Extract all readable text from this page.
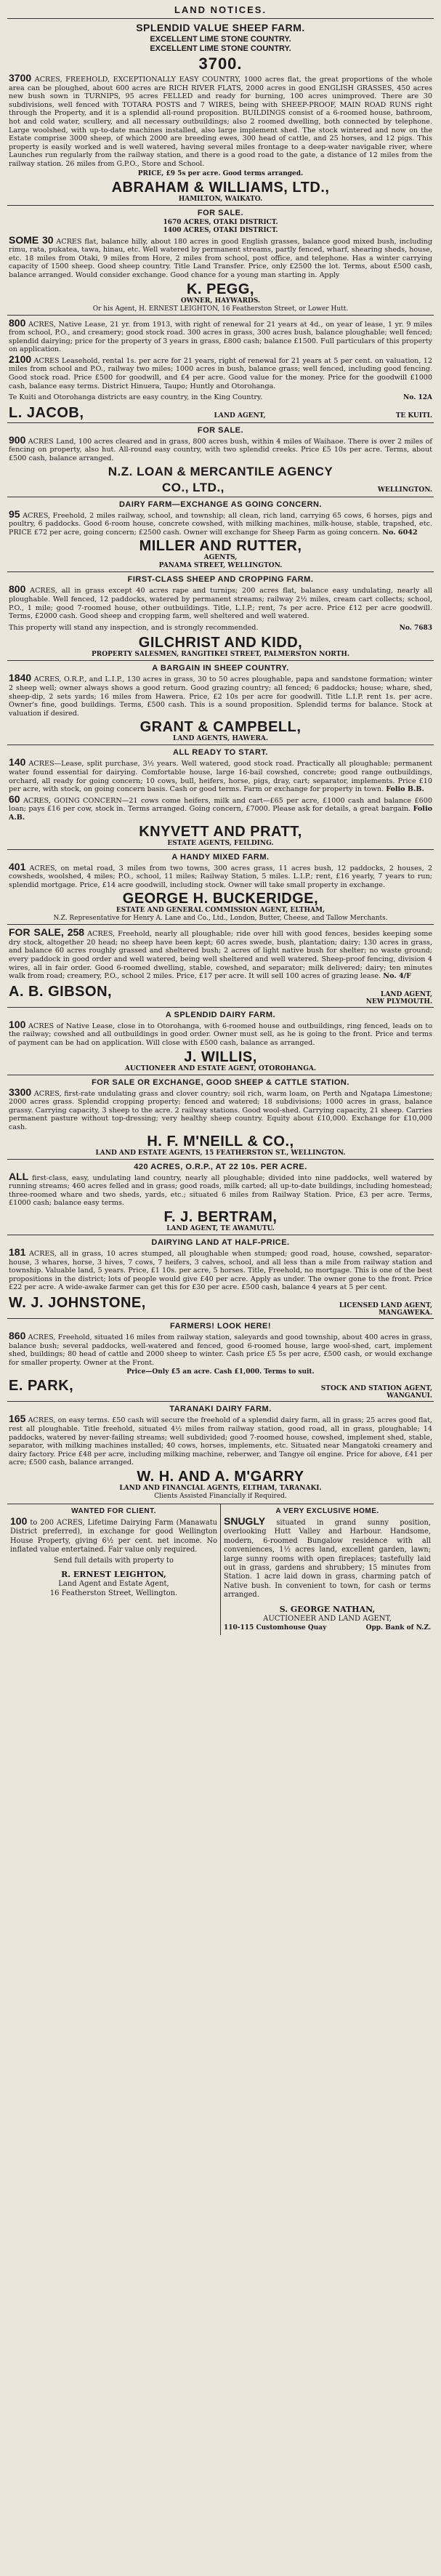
LAND NOTICES.
SPLENDID VALUE SHEEP FARM.
EXCELLENT LIME STONE COUNTRY.
EXCELLENT LIME STONE COUNTRY.
3700.
3700 ACRES, FREEHOLD, EXCEPTIONALLY EASY COUNTRY, 1000 acres flat, the great proportions of the whole area can be ploughed, about 600 acres are RICH RIVER FLATS, 2000 acres in good ENGLISH GRASSES, 450 acres new bush sown in TURNIPS, 95 acres FELLED and ready for burning, 100 acres unimproved. There are 30 subdivisions, well fenced with TOTARA POSTS and 7 WIRES, being with SHEEP-PROOF, MAIN ROAD RUNS right through the Property, and it is a splendid all-round proposition. BUILDINGS consist of a 6-roomed house, bathroom, hot and cold water, scullery, and all necessary outbuildings; also 2 roomed dwelling, both connected by telephone. Large woolshed, with up-to-date machines installed, also large implement shed. The stock wintered and now on the Estate comprise 3000 sheep, of which 2000 are breeding ewes, 300 head of cattle, and 25 horses, and 12 pigs. This property is easily worked and is well watered, having several miles frontage to a deep-water navigable river, where Launches run regularly from the railway station, and there is a good road to the gate, a distance of 12 miles from the railway station. 26 miles from G.P.O., Store and School.
PRICE, £9 5s per acre. Good terms arranged.
ABRAHAM & WILLIAMS, LTD.,
HAMILTON, WAIKATO.
FOR SALE.
1670 ACRES, OTAKI DISTRICT.
1400 ACRES, OTAKI DISTRICT.
SOME 30 ACRES flat, balance hilly, about 180 acres in good English grasses, balance good mixed bush, including rimu, rata, pukatea, tawa, hinau, etc. Well watered by permanent streams, partly fenced, wharf, shearing sheds, house, etc. 18 miles from Otaki, 9 miles from Hore, 2 miles from school, post office, and telephone. Has a winter carrying capacity of 1500 sheep. Good sheep country. Title Land Transfer. Price, only £2500 the lot. Terms, about £500 cash, balance arranged. Would consider exchange. Good chance for a young man starting in. Apply
K. PEGG,
OWNER, HAYWARDS.
Or his Agent, H. ERNEST LEIGHTON, 16 Featherston Street, or Lower Hutt.
800 ACRES, Native Lease, 21 yr. from 1913, with right of renewal for 21 years at 4d., on year of lease, 1 yr. 9 miles from school, P.O., and creamery; good stock road. 300 acres in grass, 300 acres bush, balance ploughable; well fenced; splendid dairying; price for the property of 3 years in grass, £800 cash; balance £1500. Full particulars of this property on application.
2100 ACRES Leasehold, rental 1s. per acre for 21 years, right of renewal for 21 years at 5 per cent. on valuation, 12 miles from school and P.O., railway two miles; 1000 acres in bush, balance grass; well fenced, including good fencing. Good stock road. Price £500 for goodwill, and £4 per acre. Good value for the money. Price for the goodwill £1000 cash, balance easy terms. District Hinuera, Taupo; Huntly and Otorohanga.
Te Kuiti and Otorohanga districts are easy country, in the King Country.	No. 12A
L. JACOB,	LAND AGENT,	TE KUITI.
FOR SALE.
900 ACRES Land, 100 acres cleared and in grass, 800 acres bush, within 4 miles of Waihaoe. There is over 2 miles of fencing on property, also hut. All-round easy country, with two splendid creeks. Price £5 10s per acre. Terms, about £500 cash, balance arranged.
N.Z. LOAN & MERCANTILE AGENCY
CO., LTD.,	WELLINGTON.
DAIRY FARM—EXCHANGE AS GOING CONCERN.
95 ACRES, Freehold, 2 miles railway, school, and township; all clean, rich land, carrying 65 cows, 6 horses, pigs and poultry, 6 paddocks. Good 6-room house, concrete cowshed, with milking machines, milk-house, stable, trapshed, etc. PRICE £72 per acre, going concern; £2500 cash. Owner will exchange for Sheep Farm as going concern. No. 6042
MILLER AND RUTTER,
AGENTS,
PANAMA STREET, WELLINGTON.
FIRST-CLASS SHEEP AND CROPPING FARM.
800 ACRES, all in grass except 40 acres rape and turnips; 200 acres flat, balance easy undulating, nearly all ploughable. Well fenced, 12 paddocks, watered by permanent streams; railway 2½ miles, cream cart collects; school, P.O., 1 mile; good 7-roomed house, other outbuildings. Title, L.I.P.; rent, 7s per acre. Price £12 per acre goodwill. Terms, £2000 cash. Good sheep and cropping farm, well sheltered and well watered.
This property will stand any inspection, and is strongly recommended.	No. 7683
GILCHRIST AND KIDD,
PROPERTY SALESMEN, RANGITIKEI STREET, PALMERSTON NORTH.
A BARGAIN IN SHEEP COUNTRY.
1840 ACRES, O.R.P., and L.I.P., 130 acres in grass, 30 to 50 acres ploughable, papa and sandstone formation; winter 2 sheep well; owner always shows a good return. Good grazing country; all fenced; 6 paddocks; house; whare, shed, sheep-dip, 2 sets yards; 16 miles from Hawera. Price, £2 10s per acre for goodwill. Title L.I.P. rent 1s. per acre. Owner's fine, good buildings. Terms, £500 cash. This is a sound proposition. Splendid terms for balance. Stock at valuation if desired.
GRANT & CAMPBELL,
LAND AGENTS, HAWERA.
ALL READY TO START.
140 ACRES—Lease, split purchase, 3½ years. Well watered, good stock road. Practically all ploughable; permanent water found essential for dairying. Comfortable house, large 16-bail cowshed, concrete; good range outbuildings, orchard, all ready for going concern; 10 cows, bull, heifers, horse, pigs, dray, cart; separator, implements. Price £10 per acre, with stock, on going concern basis. Cash or good terms. Farm or exchange for property in town. Folio B.B.
60 ACRES, GOING CONCERN—21 cows come heifers, milk and cart—£65 per acre, £1000 cash and balance £600 loan; pays £16 per cow, stock in. Terms arranged. Going concern, £7000. Please ask for details, a great bargain. Folio A.B.
KNYVETT AND PRATT,
ESTATE AGENTS, FEILDING.
A HANDY MIXED FARM.
401 ACRES, on metal road, 3 miles from two towns, 300 acres grass, 11 acres bush, 12 paddocks, 2 houses, 2 cowsheds, woolshed, 4 miles; P.O., school, 11 miles; Railway Station, 5 miles. L.I.P.; rent, £16 yearly, 7 years to run; splendid mortgage. Price, £14 acre goodwill, including stock. Owner will take small property in exchange.
GEORGE H. BUCKERIDGE,
ESTATE AND GENERAL COMMISSION AGENT, ELTHAM,
N.Z. Representative for Henry A. Lane and Co., Ltd., London, Butter, Cheese, and Tallow Merchants.
FOR SALE, 258 ACRES, Freehold, nearly all ploughable; ride over hill with good fences, besides keeping some dry stock, altogether 20 head; no sheep have been kept; 60 acres swede, bush, plantation; dairy; 130 acres in grass, and balance 60 acres roughly grassed and sheltered bush; 2 acres of light native bush for shelter; no waste ground; every paddock in good order and well watered, being well sheltered and well watered. Sheep-proof fencing, division 4 wires, all in fair order. Good 6-roomed dwelling, stable, cowshed, and separator; milk delivered; dairy; ten minutes walk from road; creamery, P.O., school 2 miles. Price, £17 per acre. It will sell 100 acres of grazing lease. No. 4/F
A. B. GIBSON,	LAND AGENT,
NEW PLYMOUTH.
A SPLENDID DAIRY FARM.
100 ACRES of Native Lease, close in to Otorohanga, with 6-roomed house and outbuildings, ring fenced, leads on to the railway; cowshed and all outbuildings in good order. Owner must sell, as he is going to the front. Price and terms of payment can be had on application. Will close with £500 cash, balance as arranged.
J. WILLIS,
AUCTIONEER AND ESTATE AGENT, OTOROHANGA.
FOR SALE OR EXCHANGE, GOOD SHEEP & CATTLE STATION.
3300 ACRES, first-rate undulating grass and clover country; soil rich, warm loam, on Perth and Ngatapa Limestone; 2000 acres grass. Splendid cropping property; fenced and watered; 18 subdivisions; 1000 acres in grass, balance grassy. Carrying capacity, 3 sheep to the acre. 2 railway stations. Good wool-shed. Carrying capacity, 21 sheep. Carries permanent pasture without top-dressing; very healthy sheep country. Equity about £10,000. Exchange for £10,000 cash.
H. F. M'NEILL & CO.,
LAND AND ESTATE AGENTS, 15 FEATHERSTON ST., WELLINGTON.
420 ACRES, O.R.P., AT 22 10s. PER ACRE.
ALL first-class, easy, undulating land country, nearly all ploughable; divided into nine paddocks, well watered by running streams; 460 acres felled and in grass; good roads, milk carted; all up-to-date buildings, including homestead; three-roomed whare and two sheds, yards, etc.; situated 6 miles from Railway Station. Price, £3 per acre. Terms, £1000 cash; balance easy terms.
F. J. BERTRAM,
LAND AGENT, TE AWAMUTU.
DAIRYING LAND AT HALF-PRICE.
181 ACRES, all in grass, 10 acres stumped, all ploughable when stumped; good road, house, cowshed, separator-house, 3 whares, horse, 3 hives, 7 cows, 7 heifers, 3 calves, school, and all less than a mile from railway station and township. Valuable land, 5 years. Price, £1 10s. per acre, 5 horses. Title, Freehold, no mortgage. This is one of the best propositions in the district; lots of people would give £40 per acre. Apply as under. The owner gone to the front. Price £22 per acre. A wide-awake farmer can get this for £30 per acre. £500 cash, balance 4 years at 5 per cent.
W. J. JOHNSTONE,	LICENSED LAND AGENT,
MANGAWEKA.
FARMERS! LOOK HERE!
860 ACRES, Freehold, situated 16 miles from railway station, saleyards and good township, about 400 acres in grass, balance bush; several paddocks, well-watered and fenced, good 6-roomed house, large wool-shed, cart, implement shed, buildings; 80 head of cattle and 2000 sheep to winter. Cash price £5 5s per acre, £500 cash, or would exchange for smaller property. Owner at the Front.
Price—Only £5 an acre. Cash £1,000. Terms to suit.
E. PARK,	STOCK AND STATION AGENT,
WANGANUI.
TARANAKI DAIRY FARM.
165 ACRES, on easy terms. £50 cash will secure the freehold of a splendid dairy farm, all in grass; 25 acres good flat, rest all ploughable. Title freehold, situated 4½ miles from railway station, good road, all in grass, ploughable; 14 paddocks, watered by never-failing streams; well subdivided; good 7-roomed house, cowshed, implement shed, stable, separator, with milking machines installed; 40 cows, horses, implements, etc. Situated near Mangatoki creamery and dairy factory. Price £48 per acre, including milking machine, reberwer, and Tangye oil engine. Price for above, £41 per acre; £500 cash, balance arranged.
W. H. AND A. M'GARRY
LAND AND FINANCIAL AGENTS, ELTHAM, TARANAKI.
Clients Assisted Financially if Required.
WANTED FOR CLIENT.
100 to 200 ACRES, Lifetime Dairying Farm (Manawatu District preferred), in exchange for good Wellington House Property, giving 6½ per cent. net income. No inflated value entertained. Fair value only required.
Send full details with property to
R. ERNEST LEIGHTON,
Land Agent and Estate Agent,
16 Featherston Street, Wellington.
A VERY EXCLUSIVE HOME.
SNUGLY situated in grand sunny position, overlooking Hutt Valley and Harbour. Handsome, modern, 6-roomed Bungalow residence with all conveniences, 1½ acres land, excellent garden, lawn; large sunny rooms with open fireplaces; tastefully laid out in grass, gardens and shrubbery; 15 minutes from Station. 1 acre laid down in grass, charming patch of Native bush. In convenient to town, for cash or terms arranged.
S. GEORGE NATHAN,
AUCTIONEER AND LAND AGENT,
110-115 Customhouse Quay	Opp. Bank of N.Z.
